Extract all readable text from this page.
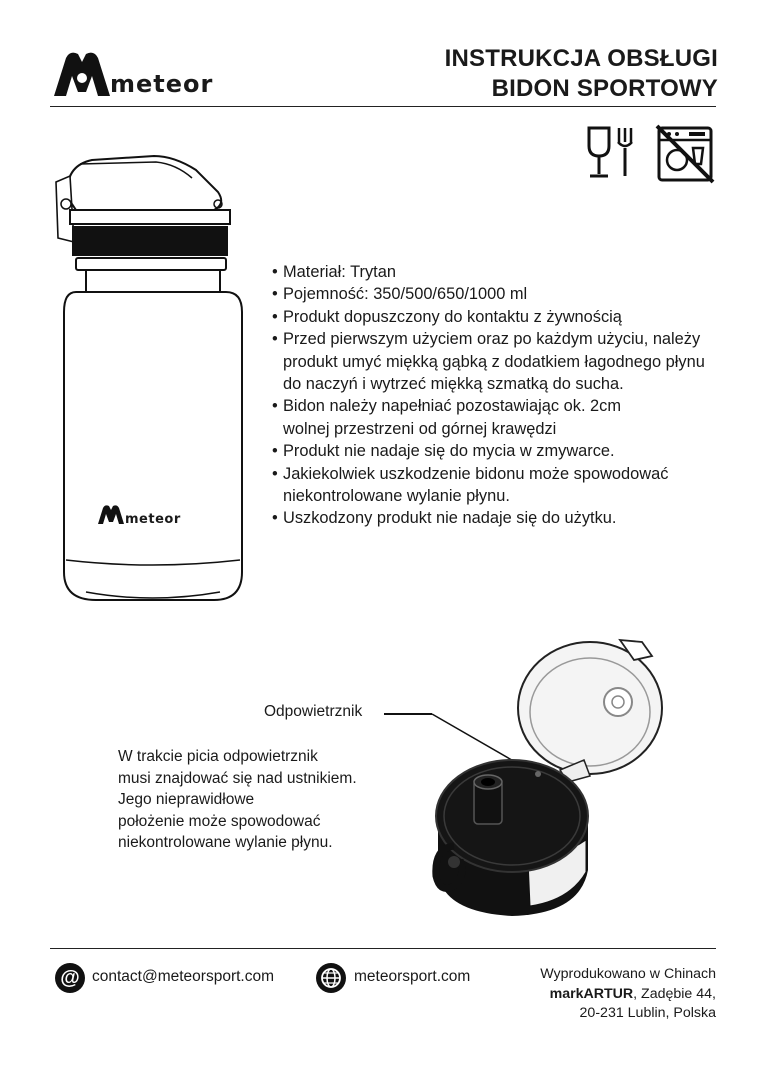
meteor
INSTRUKCJA OBSŁUGI
BIDON SPORTOWY
meteor
• Materiał: Trytan
• Pojemność: 350/500/650/1000 ml
• Produkt dopuszczony do kontaktu z żywnością
• Przed pierwszym użyciem oraz po każdym użyciu, należy produkt umyć miękką gąbką z dodatkiem łagodnego płynu do naczyń i wytrzeć miękką szmatką do sucha.
• Bidon należy napełniać pozostawiając ok. 2cm wolnej przestrzeni od górnej krawędzi
• Produkt nie nadaje się do mycia w zmywarce.
• Jakiekolwiek uszkodzenie bidonu może spowodować niekontrolowane wylanie płynu.
• Uszkodzony produkt nie nadaje się do użytku.
Odpowietrznik
W trakcie picia odpowietrznik
musi znajdować się nad ustnikiem.
Jego nieprawidłowe
położenie może spowodować
niekontrolowane wylanie płynu.
@ contact@meteorsport.com	meteorsport.com	Wyprodukowano w Chinach
markARTUR, Zadębie 44,
20-231 Lublin, Polska
